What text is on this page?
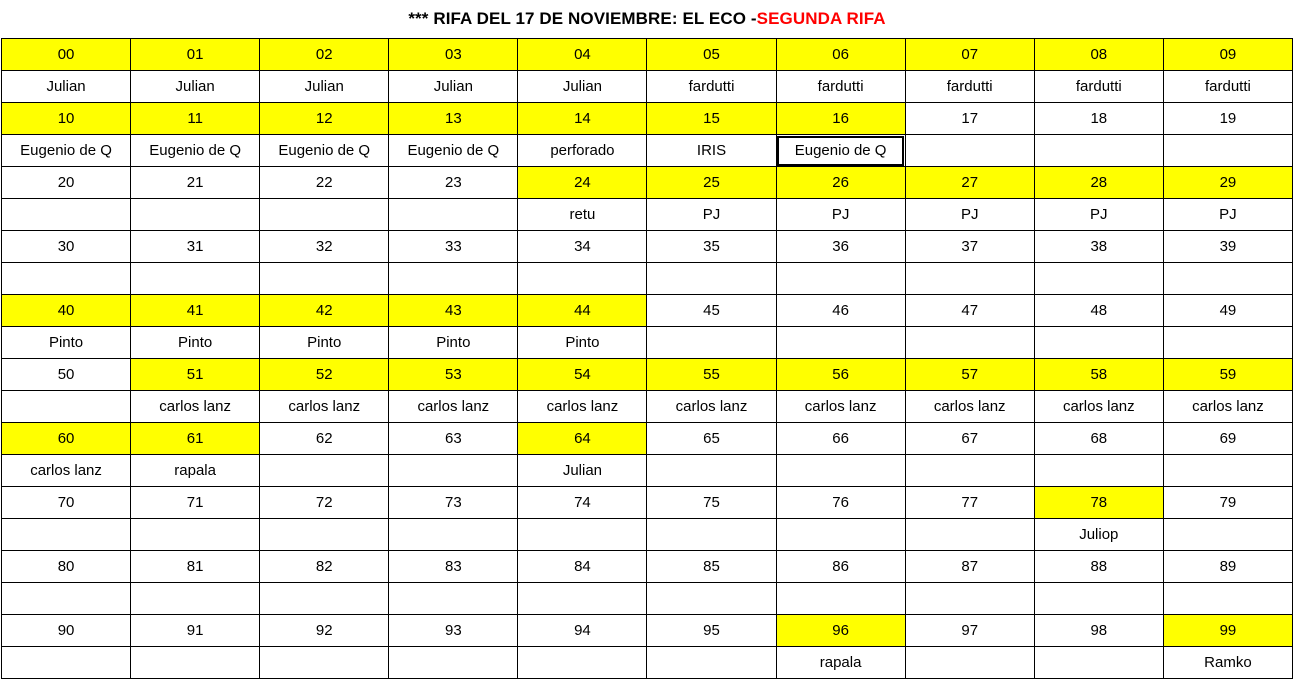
*** RIFA DEL 17 DE NOVIEMBRE: EL ECO - SEGUNDA RIFA
00	01	02	03	04	05	06	07	08	09
Julian	Julian	Julian	Julian	Julian	fardutti	fardutti	fardutti	fardutti	fardutti
10	11	12	13	14	15	16	17	18	19
Eugenio de Q	Eugenio de Q	Eugenio de Q	Eugenio de Q	perforado	IRIS	Eugenio de Q			
20	21	22	23	24	25	26	27	28	29
				retu	PJ	PJ	PJ	PJ	PJ
30	31	32	33	34	35	36	37	38	39

40	41	42	43	44	45	46	47	48	49
Pinto	Pinto	Pinto	Pinto	Pinto					
50	51	52	53	54	55	56	57	58	59
	carlos lanz	carlos lanz	carlos lanz	carlos lanz	carlos lanz	carlos lanz	carlos lanz	carlos lanz	carlos lanz
60	61	62	63	64	65	66	67	68	69
carlos lanz	rapala			Julian					
70	71	72	73	74	75	76	77	78	79
								Juliop	
80	81	82	83	84	85	86	87	88	89

90	91	92	93	94	95	96	97	98	99
						rapala			Ramko
